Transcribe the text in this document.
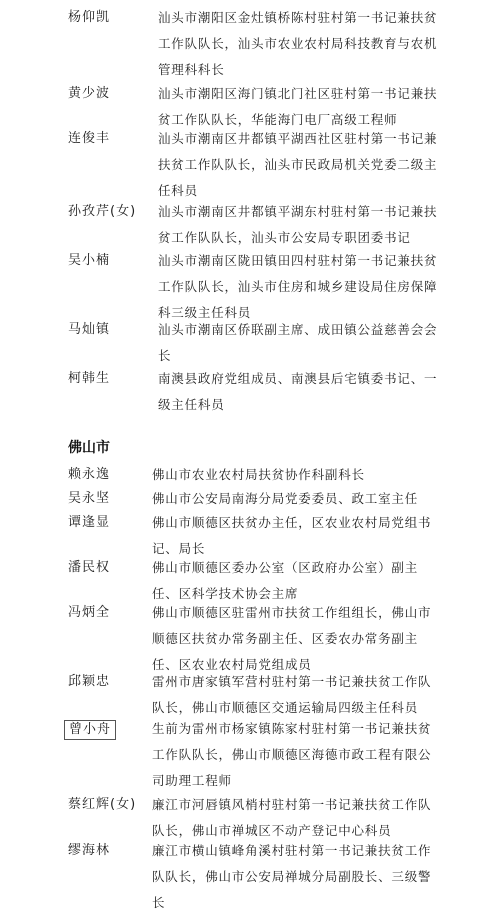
杨仰凯	汕头市潮阳区金灶镇桥陈村驻村第一书记兼扶贫工作队队长，汕头市农业农村局科技教育与农机管理科科长
黄少波	汕头市潮阳区海门镇北门社区驻村第一书记兼扶贫工作队队长，华能海门电厂高级工程师
连俊丰	汕头市潮南区井都镇平湖西社区驻村第一书记兼扶贫工作队队长，汕头市民政局机关党委二级主任科员
孙孜芹(女) 汕头市潮南区井都镇平湖东村驻村第一书记兼扶贫工作队队长，汕头市公安局专职团委书记
吴小楠	汕头市潮南区陇田镇田四村驻村第一书记兼扶贫工作队队长，汕头市住房和城乡建设局住房保障科三级主任科员
马灿镇	汕头市潮南区侨联副主席、成田镇公益慈善会会长
柯韩生	南澳县政府党组成员、南澳县后宅镇委书记、一级主任科员
佛山市
赖永逸	佛山市农业农村局扶贫协作科副科长
吴永坚	佛山市公安局南海分局党委委员、政工室主任
谭逢显	佛山市顺德区扶贫办主任，区农业农村局党组书记、局长
潘民权	佛山市顺德区委办公室（区政府办公室）副主任、区科学技术协会主席
冯炳全	佛山市顺德区驻雷州市扶贫工作组组长，佛山市顺德区扶贫办常务副主任、区委农办常务副主任、区农业农村局党组成员
邱颖忠	雷州市唐家镇军营村驻村第一书记兼扶贫工作队队长，佛山市顺德区交通运输局四级主任科员
曾小舟	生前为雷州市杨家镇陈家村驻村第一书记兼扶贫工作队队长，佛山市顺德区海德市政工程有限公司助理工程师
蔡红辉(女) 廉江市河唇镇风梢村驻村第一书记兼扶贫工作队队长，佛山市禅城区不动产登记中心科员
缪海林	廉江市横山镇峰角溪村驻村第一书记兼扶贫工作队队长，佛山市公安局禅城分局副股长、三级警长
